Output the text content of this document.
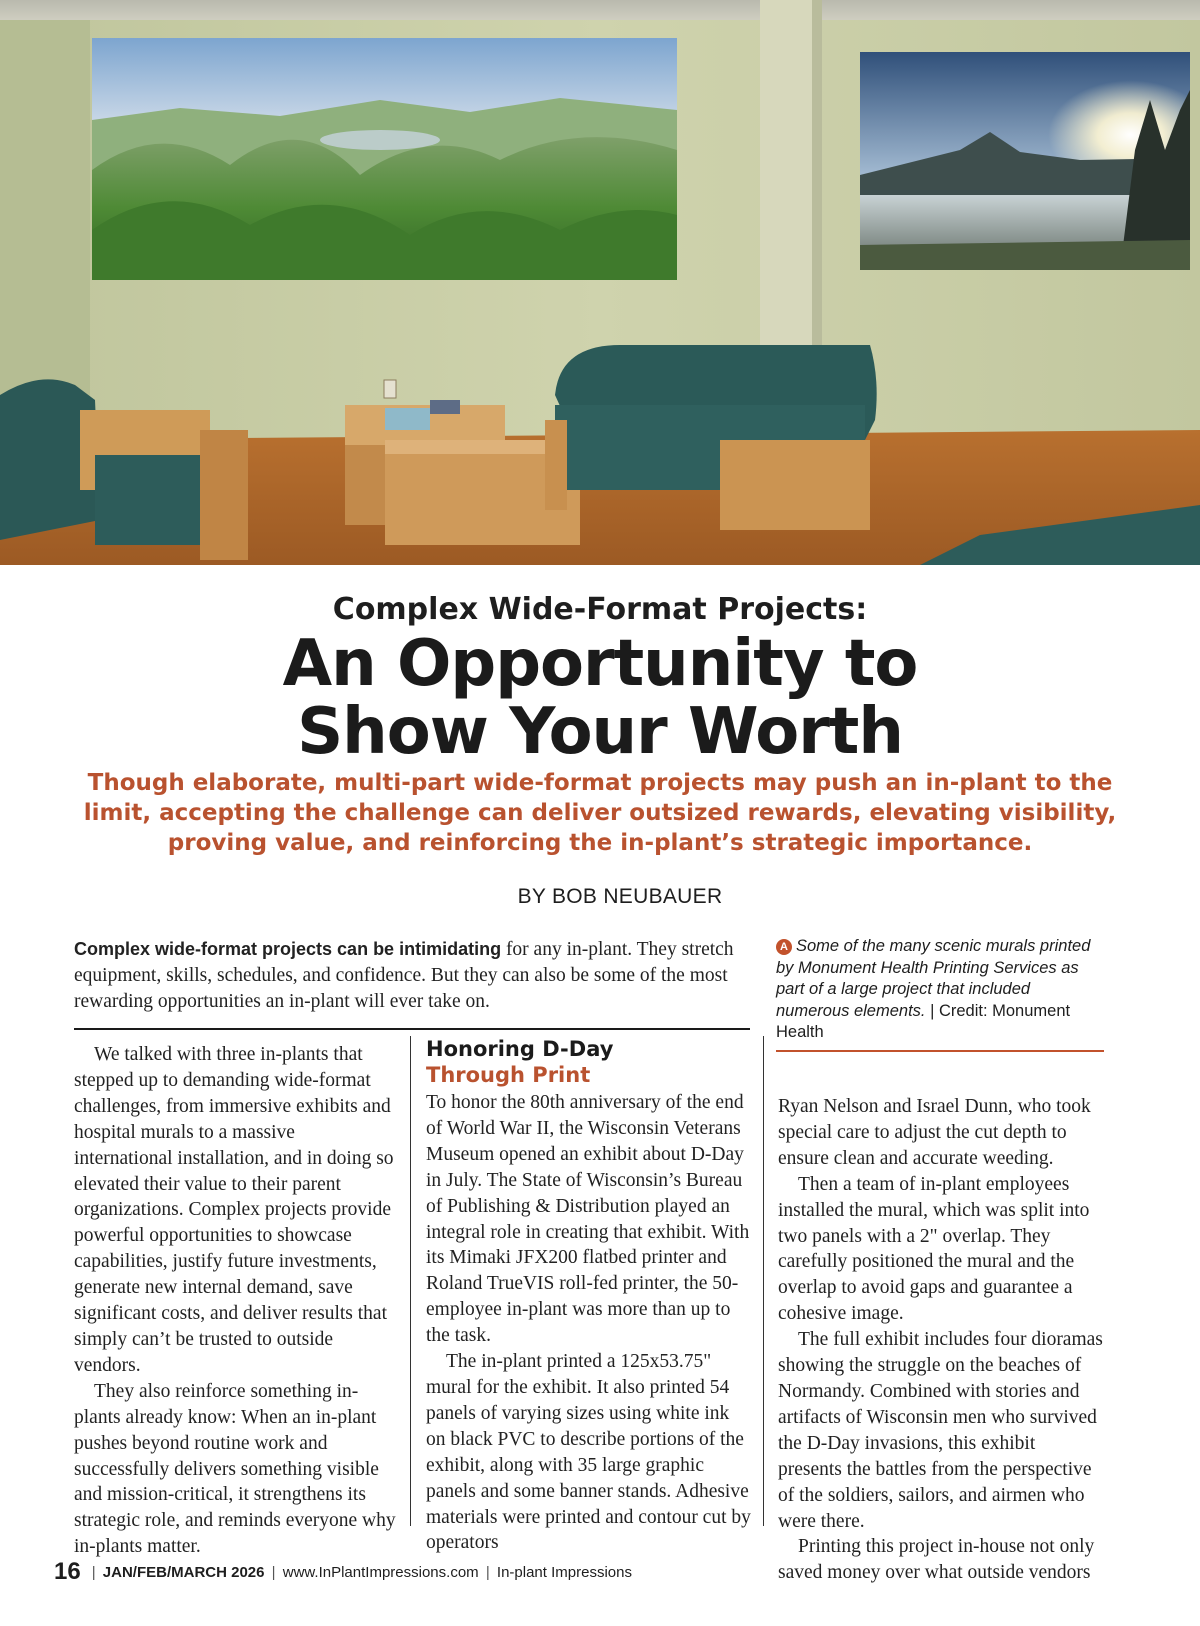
Complex Wide-Format Projects:
An Opportunity to
Show Your Worth
Though elaborate, multi-part wide-format projects may push an in-plant to the limit, accepting the challenge can deliver outsized rewards, elevating visibility, proving value, and reinforcing the in-plant’s strategic importance.
BY BOB NEUBAUER
Complex wide-format projects can be intimidating for any in-plant. They stretch equipment, skills, schedules, and confidence. But they can also be some of the most rewarding opportunities an in-plant will ever take on.
A Some of the many scenic murals printed by Monument Health Printing Services as part of a large project that included numerous elements. | Credit: Monument Health

We talked with three in-plants that stepped up to demanding wide-format challenges, from immersive exhibits and hospital murals to a massive international installation, and in doing so elevated their value to their parent organizations. Complex projects provide powerful opportunities to showcase capabilities, justify future investments, generate new internal demand, save significant costs, and deliver results that simply can’t be trusted to outside vendors.

They also reinforce something in-plants already know: When an in-plant pushes beyond routine work and successfully delivers something visible and mission-critical, it strengthens its strategic role, and reminds everyone why in-plants matter.

Honoring D-Day
Through Print

To honor the 80th anniversary of the end of World War II, the Wisconsin Veterans Museum opened an exhibit about D-Day in July. The State of Wisconsin’s Bureau of Publishing & Distribution played an integral role in creating that exhibit. With its Mimaki JFX200 flatbed printer and Roland TrueVIS roll-fed printer, the 50-employee in-plant was more than up to the task.

The in-plant printed a 125x53.75" mural for the exhibit. It also printed 54 panels of varying sizes using white ink on black PVC to describe portions of the exhibit, along with 35 large graphic panels and some banner stands. Adhesive materials were printed and contour cut by operators

Ryan Nelson and Israel Dunn, who took special care to adjust the cut depth to ensure clean and accurate weeding.

Then a team of in-plant employees installed the mural, which was split into two panels with a 2" overlap. They carefully positioned the mural and the overlap to avoid gaps and guarantee a cohesive image.

The full exhibit includes four dioramas showing the struggle on the beaches of Normandy. Combined with stories and artifacts of Wisconsin men who survived the D-Day invasions, this exhibit presents the battles from the perspective of the soldiers, sailors, and airmen who were there.

Printing this project in-house not only saved money over what outside vendors

16 | JAN/FEB/MARCH 2026 | www.InPlantImpressions.com | In-plant Impressions
